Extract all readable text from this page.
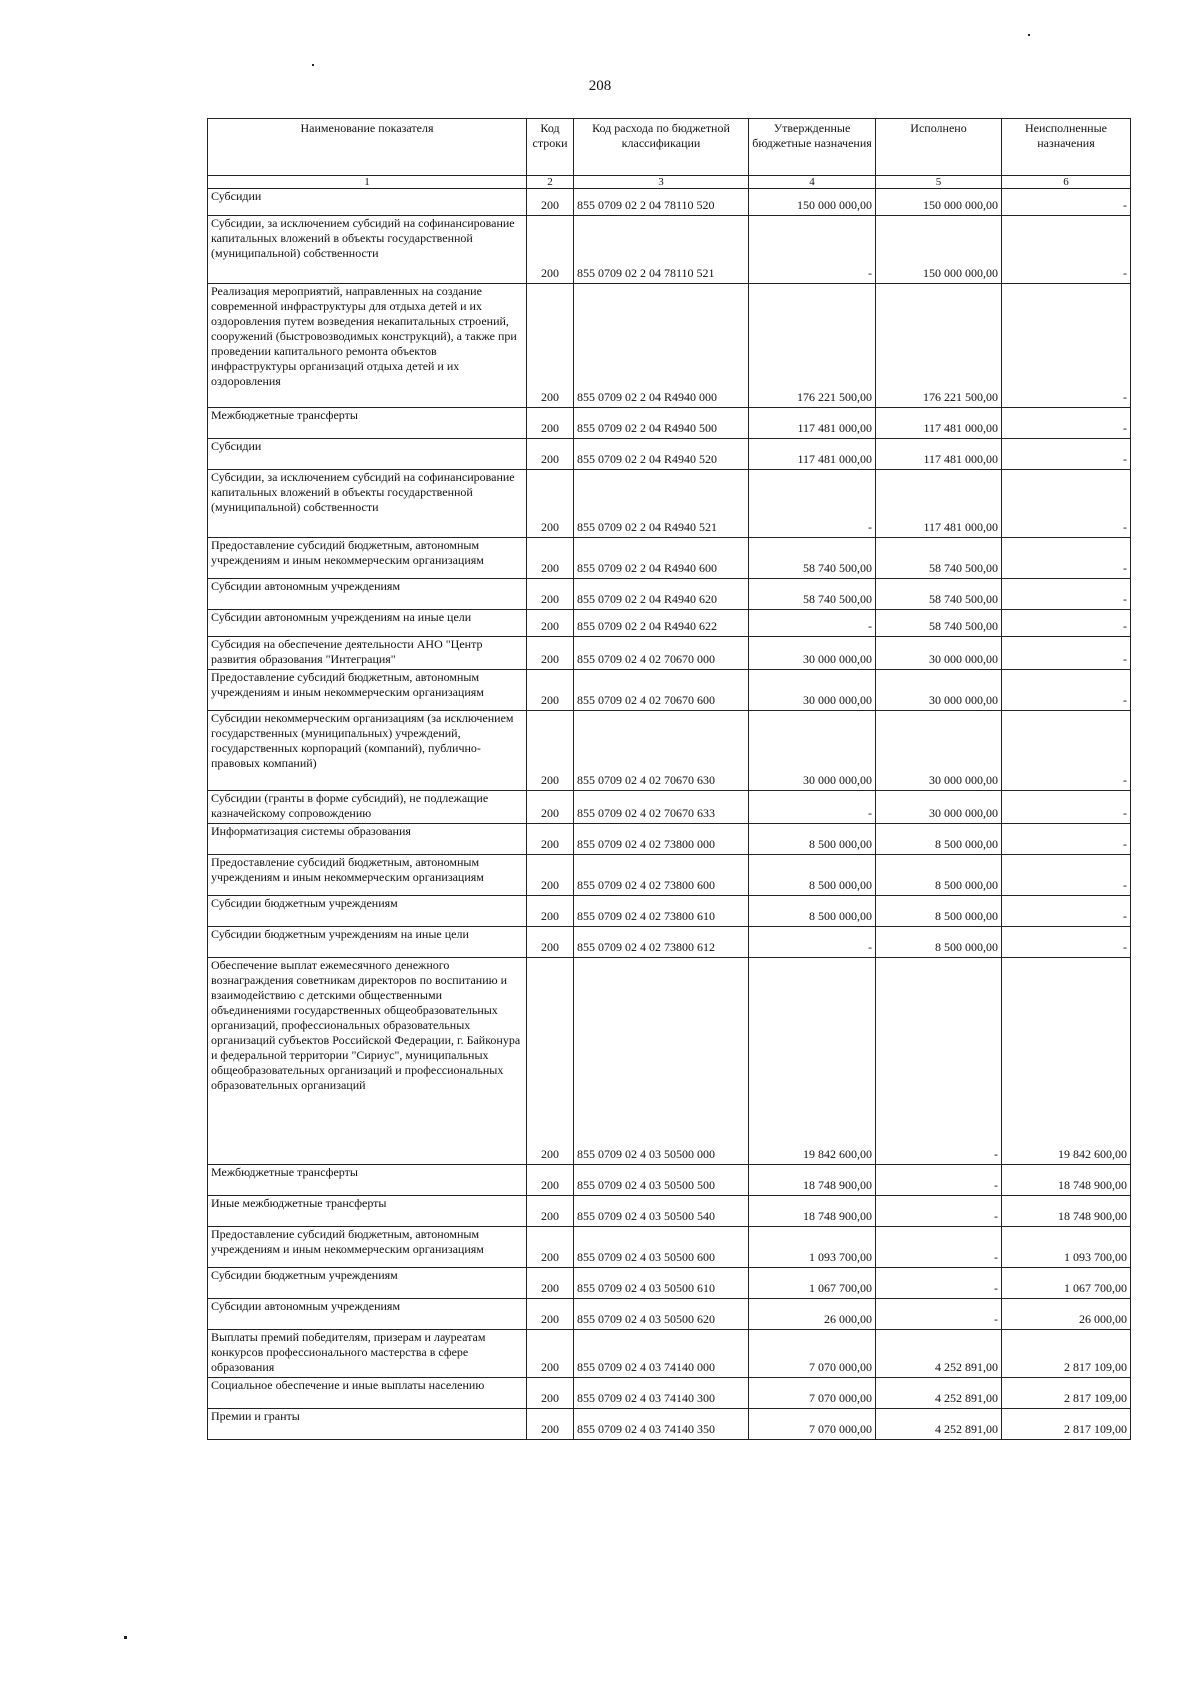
208
Наименование показателя	Код строки	Код расхода по бюджетной классификации	Утвержденные бюджетные назначения	Исполнено	Неисполненные назначения
1	2	3	4	5	6
Субсидии	200	855 0709 02 2 04 78110 520	150 000 000,00	150 000 000,00	-
Субсидии, за исключением субсидий на софинансирование капитальных вложений в объекты государственной (муниципальной) собственности	200	855 0709 02 2 04 78110 521	-	150 000 000,00	-
Реализация мероприятий, направленных на создание современной инфраструктуры для отдыха детей и их оздоровления путем возведения некапитальных строений, сооружений (быстровозводимых конструкций), а также при проведении капитального ремонта объектов инфраструктуры организаций отдыха детей и их оздоровления	200	855 0709 02 2 04 R4940 000	176 221 500,00	176 221 500,00	-
Межбюджетные трансферты	200	855 0709 02 2 04 R4940 500	117 481 000,00	117 481 000,00	-
Субсидии	200	855 0709 02 2 04 R4940 520	117 481 000,00	117 481 000,00	-
Субсидии, за исключением субсидий на софинансирование капитальных вложений в объекты государственной (муниципальной) собственности	200	855 0709 02 2 04 R4940 521	-	117 481 000,00	-
Предоставление субсидий бюджетным, автономным учреждениям и иным некоммерческим организациям	200	855 0709 02 2 04 R4940 600	58 740 500,00	58 740 500,00	-
Субсидии автономным учреждениям	200	855 0709 02 2 04 R4940 620	58 740 500,00	58 740 500,00	-
Субсидии автономным учреждениям на иные цели	200	855 0709 02 2 04 R4940 622	-	58 740 500,00	-
Субсидия на обеспечение деятельности АНО "Центр развития образования "Интеграция"	200	855 0709 02 4 02 70670 000	30 000 000,00	30 000 000,00	-
Предоставление субсидий бюджетным, автономным учреждениям и иным некоммерческим организациям	200	855 0709 02 4 02 70670 600	30 000 000,00	30 000 000,00	-
Субсидии некоммерческим организациям (за исключением государственных (муниципальных) учреждений, государственных корпораций (компаний), публично-правовых компаний)	200	855 0709 02 4 02 70670 630	30 000 000,00	30 000 000,00	-
Субсидии (гранты в форме субсидий), не подлежащие казначейскому сопровождению	200	855 0709 02 4 02 70670 633	-	30 000 000,00	-
Информатизация системы образования	200	855 0709 02 4 02 73800 000	8 500 000,00	8 500 000,00	-
Предоставление субсидий бюджетным, автономным учреждениям и иным некоммерческим организациям	200	855 0709 02 4 02 73800 600	8 500 000,00	8 500 000,00	-
Субсидии бюджетным учреждениям	200	855 0709 02 4 02 73800 610	8 500 000,00	8 500 000,00	-
Субсидии бюджетным учреждениям на иные цели	200	855 0709 02 4 02 73800 612	-	8 500 000,00	-
Обеспечение выплат ежемесячного денежного вознаграждения советникам директоров по воспитанию и взаимодействию с детскими общественными объединениями государственных общеобразовательных организаций, профессиональных образовательных организаций субъектов Российской Федерации, г. Байконура и федеральной территории "Сириус", муниципальных общеобразовательных организаций и профессиональных образовательных организаций	200	855 0709 02 4 03 50500 000	19 842 600,00	-	19 842 600,00
Межбюджетные трансферты	200	855 0709 02 4 03 50500 500	18 748 900,00	-	18 748 900,00
Иные межбюджетные трансферты	200	855 0709 02 4 03 50500 540	18 748 900,00	-	18 748 900,00
Предоставление субсидий бюджетным, автономным учреждениям и иным некоммерческим организациям	200	855 0709 02 4 03 50500 600	1 093 700,00	-	1 093 700,00
Субсидии бюджетным учреждениям	200	855 0709 02 4 03 50500 610	1 067 700,00	-	1 067 700,00
Субсидии автономным учреждениям	200	855 0709 02 4 03 50500 620	26 000,00	-	26 000,00
Выплаты премий победителям, призерам и лауреатам конкурсов профессионального мастерства в сфере образования	200	855 0709 02 4 03 74140 000	7 070 000,00	4 252 891,00	2 817 109,00
Социальное обеспечение и иные выплаты населению	200	855 0709 02 4 03 74140 300	7 070 000,00	4 252 891,00	2 817 109,00
Премии и гранты	200	855 0709 02 4 03 74140 350	7 070 000,00	4 252 891,00	2 817 109,00
